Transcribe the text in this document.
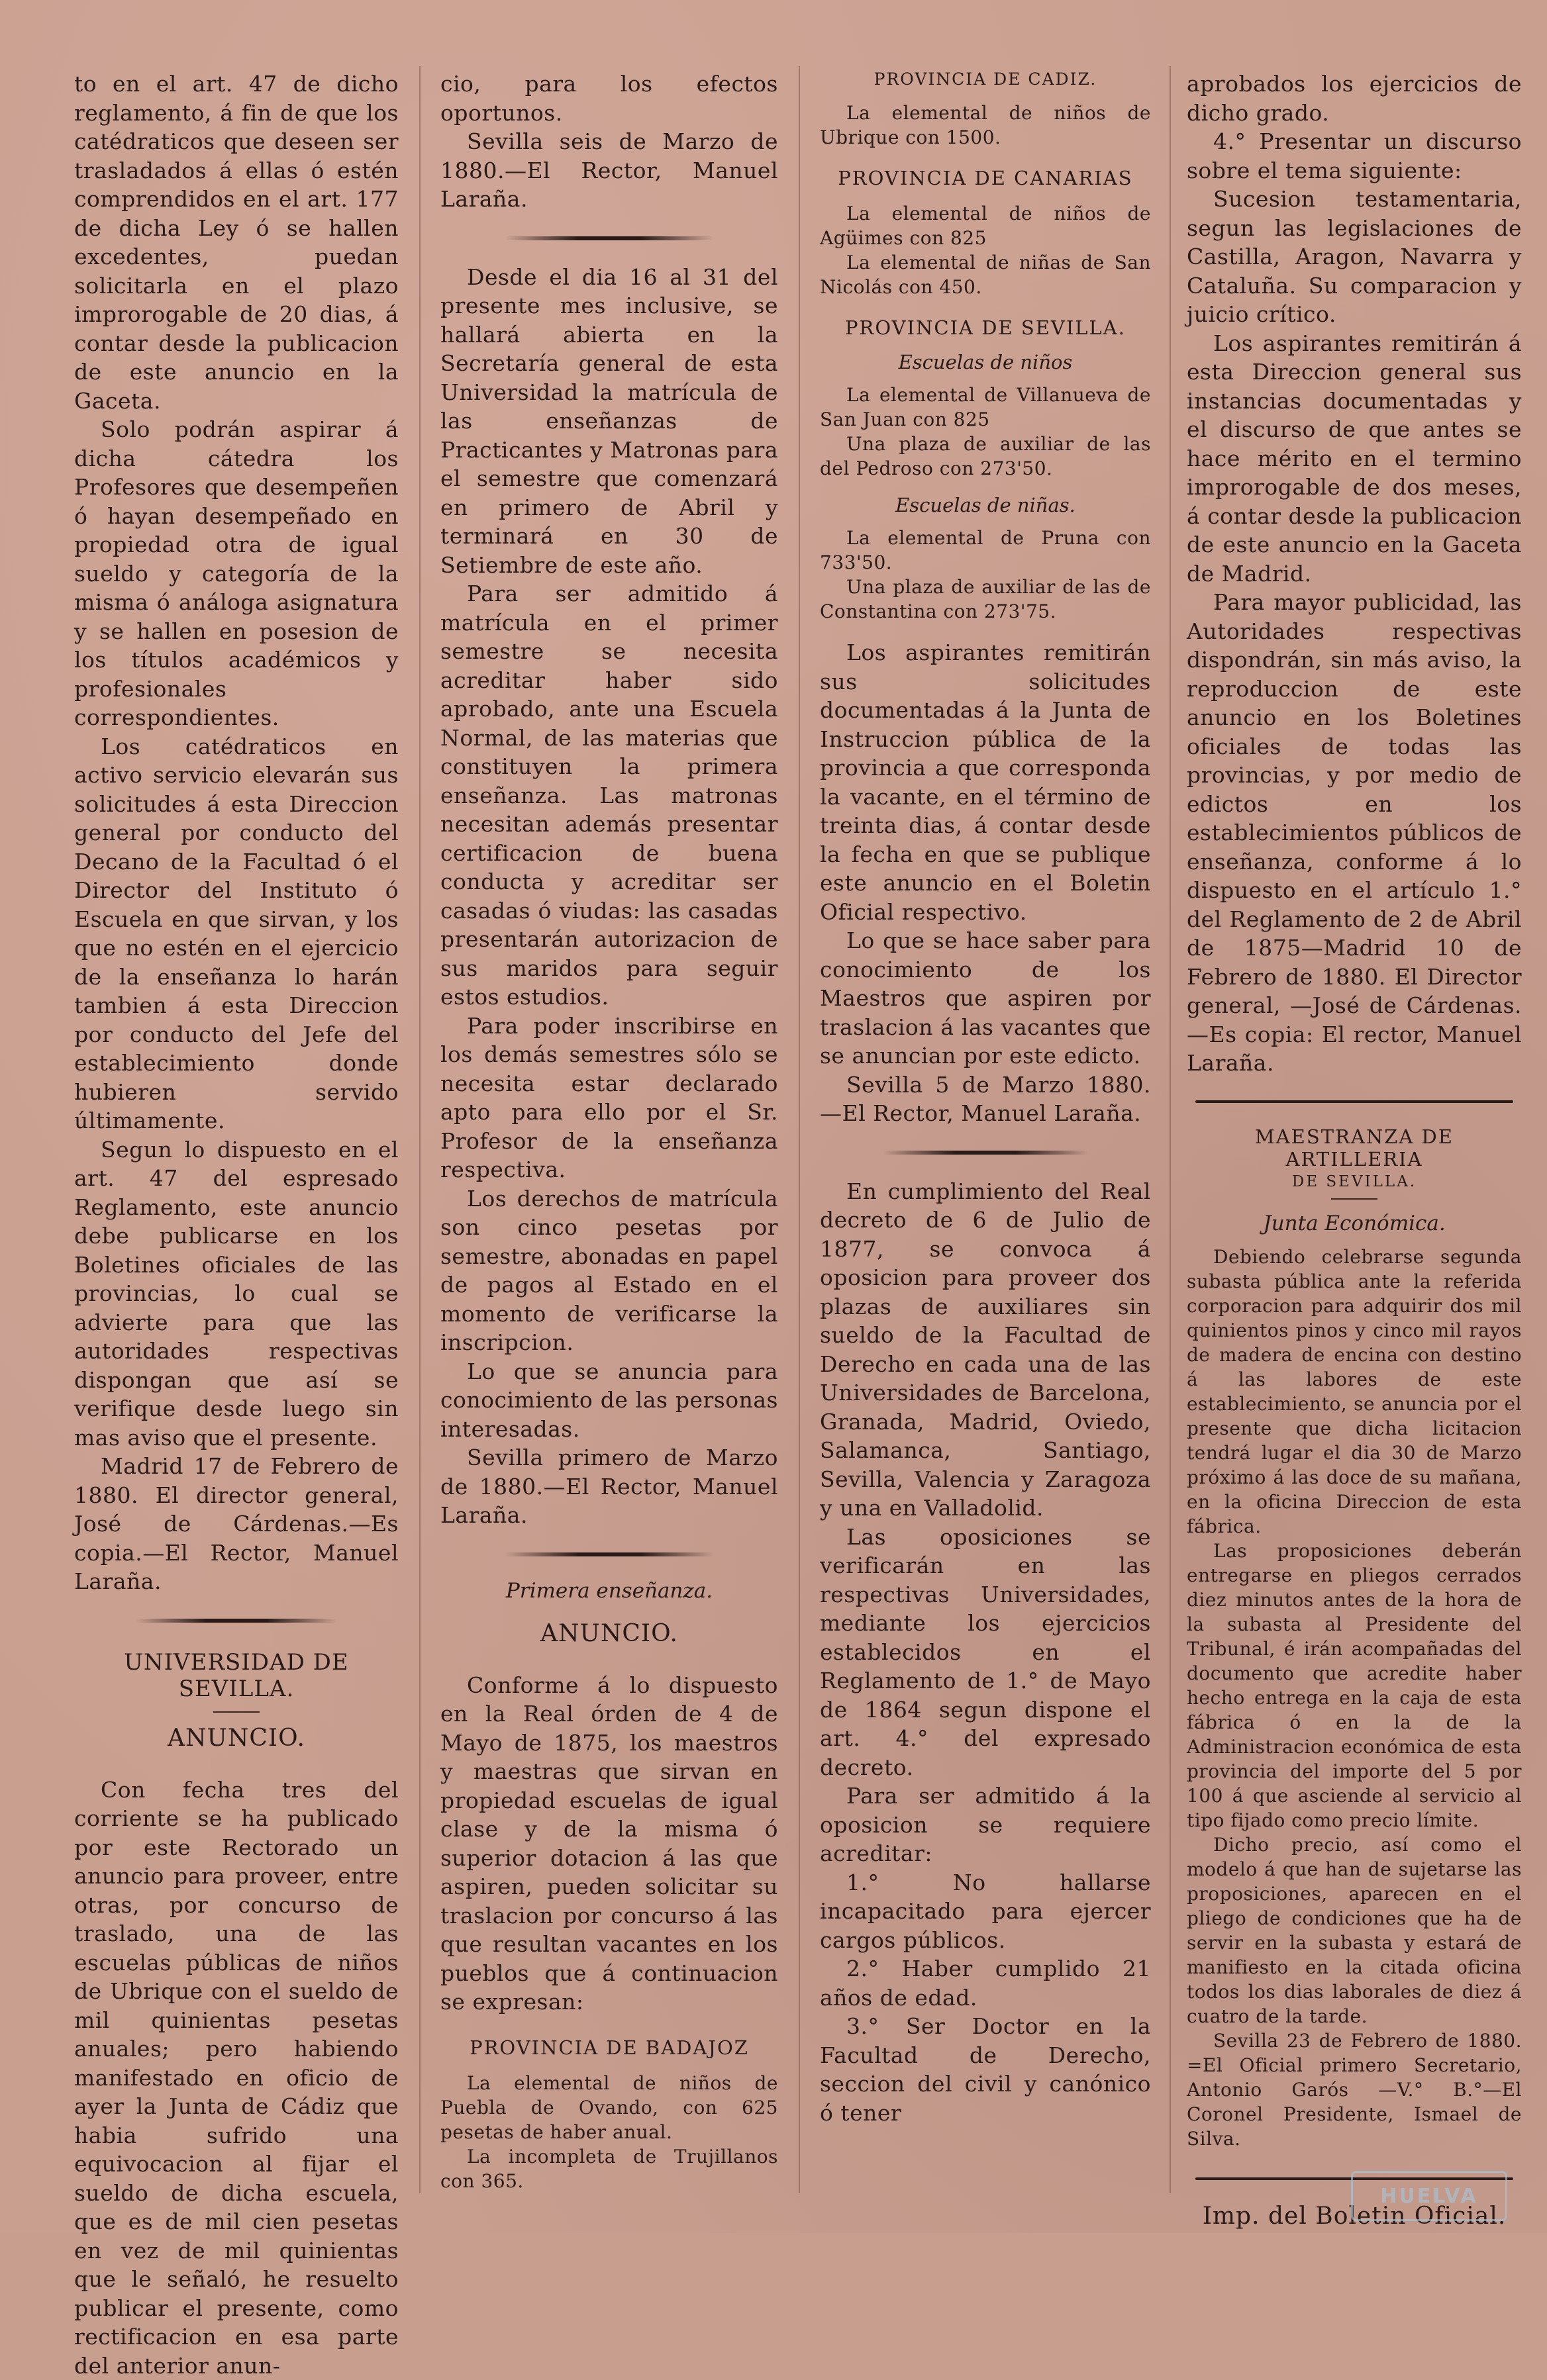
to en el art. 47 de dicho reglamento, á fin de que los catédraticos que deseen ser trasladados á ellas ó estén comprendidos en el art. 177 de dicha Ley ó se hallen excedentes, puedan solicitarla en el plazo improrogable de 20 dias, á contar desde la publicacion de este anuncio en la Gaceta.

Solo podrán aspirar á dicha cátedra los Profesores que desempeñen ó hayan desempeñado en propiedad otra de igual sueldo y categoría de la misma ó análoga asignatura y se hallen en posesion de los títulos académicos y profesionales correspondientes.

Los catédraticos en activo servicio elevarán sus solicitudes á esta Direccion general por conducto del Decano de la Facultad ó el Director del Instituto ó Escuela en que sirvan, y los que no estén en el ejercicio de la enseñanza lo harán tambien á esta Direccion por conducto del Jefe del establecimiento donde hubieren servido últimamente.

Segun lo dispuesto en el art. 47 del espresado Reglamento, este anuncio debe publicarse en los Boletines oficiales de las provincias, lo cual se advierte para que las autoridades respectivas dispongan que así se verifique desde luego sin mas aviso que el presente.

Madrid 17 de Febrero de 1880. El director general, José de Cárdenas.—Es copia.—El Rector, Manuel Laraña.

UNIVERSIDAD DE SEVILLA.
ANUNCIO.

Con fecha tres del corriente se ha publicado por este Rectorado un anuncio para proveer, entre otras, por concurso de traslado, una de las escuelas públicas de niños de Ubrique con el sueldo de mil quinientas pesetas anuales; pero habiendo manifestado en oficio de ayer la Junta de Cádiz que habia sufrido una equivocacion al fijar el sueldo de dicha escuela, que es de mil cien pesetas en vez de mil quinientas que le señaló, he resuelto publicar el presente, como rectificacion en esa parte del anterior anun-

cio, para los efectos oportunos.

Sevilla seis de Marzo de 1880.—El Rector, Manuel Laraña.

Desde el dia 16 al 31 del presente mes inclusive, se hallará abierta en la Secretaría general de esta Universidad la matrícula de las enseñanzas de Practicantes y Matronas para el semestre que comenzará en primero de Abril y terminará en 30 de Setiembre de este año.

Para ser admitido á matrícula en el primer semestre se necesita acreditar haber sido aprobado, ante una Escuela Normal, de las materias que constituyen la primera enseñanza. Las matronas necesitan además presentar certificacion de buena conducta y acreditar ser casadas ó viudas: las casadas presentarán autorizacion de sus maridos para seguir estos estudios.

Para poder inscribirse en los demás semestres sólo se necesita estar declarado apto para ello por el Sr. Profesor de la enseñanza respectiva.

Los derechos de matrícula son cinco pesetas por semestre, abonadas en papel de pagos al Estado en el momento de verificarse la inscripcion.

Lo que se anuncia para conocimiento de las personas interesadas.

Sevilla primero de Marzo de 1880.—El Rector, Manuel Laraña.

Primera enseñanza.
ANUNCIO.

Conforme á lo dispuesto en la Real órden de 4 de Mayo de 1875, los maestros y maestras que sirvan en propiedad escuelas de igual clase y de la misma ó superior dotacion á las que aspiren, pueden solicitar su traslacion por concurso á las que resultan vacantes en los pueblos que á continuacion se expresan:

PROVINCIA DE BADAJOZ

La elemental de niños de Puebla de Ovando, con 625 pesetas de haber anual.

La incompleta de Trujillanos con 365.

PROVINCIA DE CADIZ.

La elemental de niños de Ubrique con 1500.

PROVINCIA DE CANARIAS

La elemental de niños de Agüimes con 825

La elemental de niñas de San Nicolás con 450.

PROVINCIA DE SEVILLA.
Escuelas de niños

La elemental de Villanueva de San Juan con 825

Una plaza de auxiliar de las del Pedroso con 273'50.

Escuelas de niñas.

La elemental de Pruna con 733'50.

Una plaza de auxiliar de las de Constantina con 273'75.

Los aspirantes remitirán sus solicitudes documentadas á la Junta de Instruccion pública de la provincia a que corresponda la vacante, en el término de treinta dias, á contar desde la fecha en que se publique este anuncio en el Boletin Oficial respectivo.

Lo que se hace saber para conocimiento de los Maestros que aspiren por traslacion á las vacantes que se anuncian por este edicto.

Sevilla 5 de Marzo 1880. —El Rector, Manuel Laraña.

En cumplimiento del Real decreto de 6 de Julio de 1877, se convoca á oposicion para proveer dos plazas de auxiliares sin sueldo de la Facultad de Derecho en cada una de las Universidades de Barcelona, Granada, Madrid, Oviedo, Salamanca, Santiago, Sevilla, Valencia y Zaragoza y una en Valladolid.

Las oposiciones se verificarán en las respectivas Universidades, mediante los ejercicios establecidos en el Reglamento de 1.° de Mayo de 1864 segun dispone el art. 4.° del expresado decreto.

Para ser admitido á la oposicion se requiere acreditar:

1.° No hallarse incapacitado para ejercer cargos públicos.

2.° Haber cumplido 21 años de edad.

3.° Ser Doctor en la Facultad de Derecho, seccion del civil y canónico ó tener

aprobados los ejercicios de dicho grado.

4.° Presentar un discurso sobre el tema siguiente:

Sucesion testamentaria, segun las legislaciones de Castilla, Aragon, Navarra y Cataluña. Su comparacion y juicio crítico.

Los aspirantes remitirán á esta Direccion general sus instancias documentadas y el discurso de que antes se hace mérito en el termino improrogable de dos meses, á contar desde la publicacion de este anuncio en la Gaceta de Madrid.

Para mayor publicidad, las Autoridades respectivas dispondrán, sin más aviso, la reproduccion de este anuncio en los Boletines oficiales de todas las provincias, y por medio de edictos en los establecimientos públicos de enseñanza, conforme á lo dispuesto en el artículo 1.° del Reglamento de 2 de Abril de 1875—Madrid 10 de Febrero de 1880. El Director general, —José de Cárdenas.—Es copia: El rector, Manuel Laraña.

MAESTRANZA DE ARTILLERIA
DE SEVILLA.
Junta Económica.

Debiendo celebrarse segunda subasta pública ante la referida corporacion para adquirir dos mil quinientos pinos y cinco mil rayos de madera de encina con destino á las labores de este establecimiento, se anuncia por el presente que dicha licitacion tendrá lugar el dia 30 de Marzo próximo á las doce de su mañana, en la oficina Direccion de esta fábrica.

Las proposiciones deberán entregarse en pliegos cerrados diez minutos antes de la hora de la subasta al Presidente del Tribunal, é irán acompañadas del documento que acredite haber hecho entrega en la caja de esta fábrica ó en la de la Administracion económica de esta provincia del importe del 5 por 100 á que asciende al servicio al tipo fijado como precio límite.

Dicho precio, así como el modelo á que han de sujetarse las proposiciones, aparecen en el pliego de condiciones que ha de servir en la subasta y estará de manifiesto en la citada oficina todos los dias laborales de diez á cuatro de la tarde.

Sevilla 23 de Febrero de 1880. =El Oficial primero Secretario, Antonio Garós —V.° B.°—El Coronel Presidente, Ismael de Silva.

Imp. del Boletin Oficial.
HUELVA
